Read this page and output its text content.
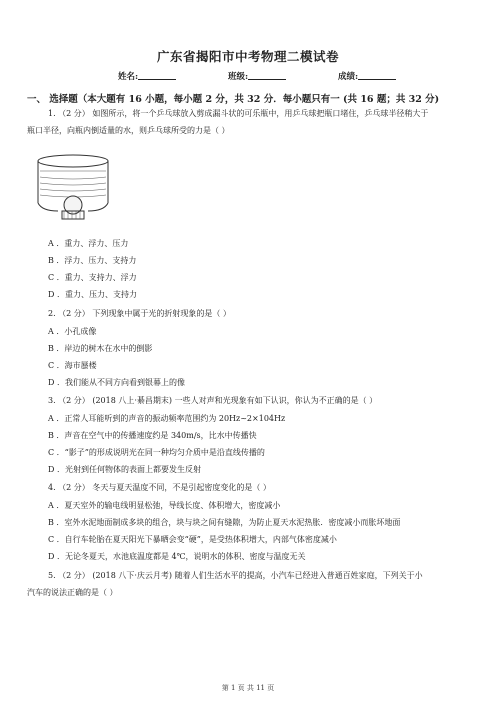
广东省揭阳市中考物理二模试卷
姓名:	班级:	成绩:
一、 选择题（本大题有 16 小题，每小题 2 分，共 32 分．每小题只有一 (共 16 题；共 32 分)
1. （2 分） 如图所示，将一个乒乓球放入剪成漏斗状的可乐瓶中，用乒乓球把瓶口堵住，乒乓球半径稍大于
瓶口半径，向瓶内倒适量的水，则乒乓球所受的力是（ ）
A ．重力、浮力、压力
B ．浮力、压力、支持力
C ．重力、支持力、浮力
D ．重力、压力、支持力
2. （2 分） 下列现象中属于光的折射现象的是（ ）
A ．小孔成像
B ．岸边的树木在水中的倒影
C ．海市蜃楼
D ．我们能从不同方向看到银幕上的像
3. （2 分） (2018 八上·綦昌期末) 一些人对声和光现象有如下认识，你认为不正确的是（ ）
A ．正常人耳能听到的声音的振动频率范围约为 20Hz~2×104Hz
B ．声音在空气中的传播速度约是 340m/s，比水中传播快
C ．“影子”的形成说明光在同一种均匀介质中是沿直线传播的
D ．光射到任何物体的表面上都要发生反射
4. （2 分） 冬天与夏天温度不同，不是引起密度变化的是（ ）
A ．夏天室外的输电线明显松弛，导线长度、体积增大，密度减小
B ．室外水泥地面制成多块的组合，块与块之间有缝隙，为防止夏天水泥热胀．密度减小而胀坏地面
C ．自行车轮胎在夏天阳光下暴晒会变“硬”，是受热体积增大，内部气体密度减小
D ．无论冬夏天，水池底温度都是 4℃，说明水的体积、密度与温度无关
5. （2 分） (2018 八下·庆云月考) 随着人们生活水平的提高，小汽车已经进入普通百姓家庭，下列关于小
汽车的说法正确的是（ ）
第 1 页 共 11 页
